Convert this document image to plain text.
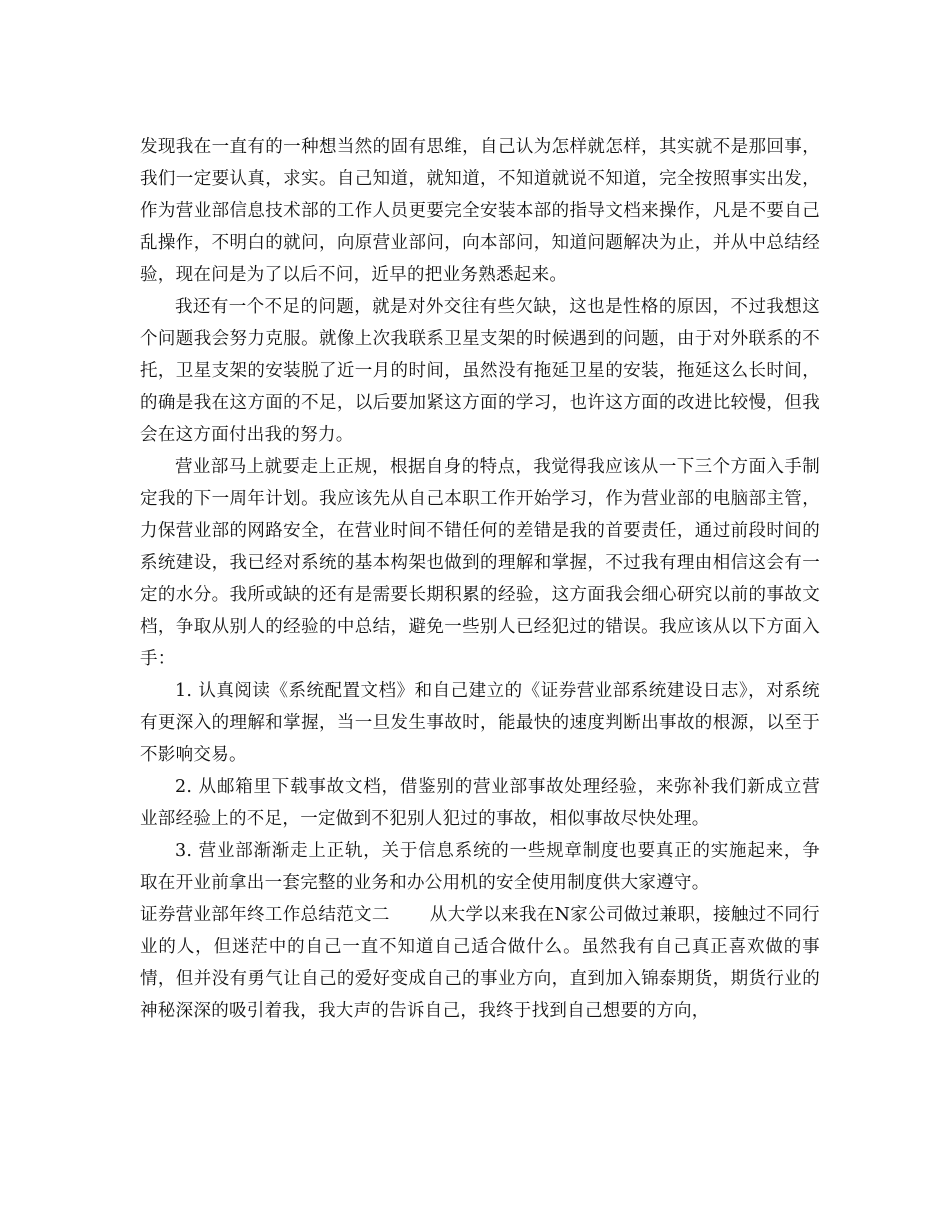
发现我在一直有的一种想当然的固有思维，自己认为怎样就怎样，其实就不是那回事，我们一定要认真，求实。自己知道，就知道，不知道就说不知道，完全按照事实出发，作为营业部信息技术部的工作人员更要完全安装本部的指导文档来操作，凡是不要自己乱操作，不明白的就问，向原营业部问，向本部问，知道问题解决为止，并从中总结经验，现在问是为了以后不问，近早的把业务熟悉起来。

我还有一个不足的问题，就是对外交往有些欠缺，这也是性格的原因，不过我想这个问题我会努力克服。就像上次我联系卫星支架的时候遇到的问题，由于对外联系的不托，卫星支架的安装脱了近一月的时间，虽然没有拖延卫星的安装，拖延这么长时间，的确是我在这方面的不足，以后要加紧这方面的学习，也许这方面的改进比较慢，但我会在这方面付出我的努力。

营业部马上就要走上正规，根据自身的特点，我觉得我应该从一下三个方面入手制定我的下一周年计划。我应该先从自己本职工作开始学习，作为营业部的电脑部主管，力保营业部的网路安全，在营业时间不错任何的差错是我的首要责任，通过前段时间的系统建设，我已经对系统的基本构架也做到的理解和掌握，不过我有理由相信这会有一定的水分。我所或缺的还有是需要长期积累的经验，这方面我会细心研究以前的事故文档，争取从别人的经验的中总结，避免一些别人已经犯过的错误。我应该从以下方面入手：

1. 认真阅读《系统配置文档》和自己建立的《证券营业部系统建设日志》，对系统有更深入的理解和掌握，当一旦发生事故时，能最快的速度判断出事故的根源，以至于不影响交易。

2. 从邮箱里下载事故文档，借鉴别的营业部事故处理经验，来弥补我们新成立营业部经验上的不足，一定做到不犯别人犯过的事故，相似事故尽快处理。

3. 营业部渐渐走上正轨，关于信息系统的一些规章制度也要真正的实施起来，争取在开业前拿出一套完整的业务和办公用机的安全使用制度供大家遵守。

证券营业部年终工作总结范文二 从大学以来我在N家公司做过兼职，接触过不同行业的人，但迷茫中的自己一直不知道自己适合做什么。虽然我有自己真正喜欢做的事情，但并没有勇气让自己的爱好变成自己的事业方向，直到加入锦泰期货，期货行业的神秘深深的吸引着我，我大声的告诉自己，我终于找到自己想要的方向，
